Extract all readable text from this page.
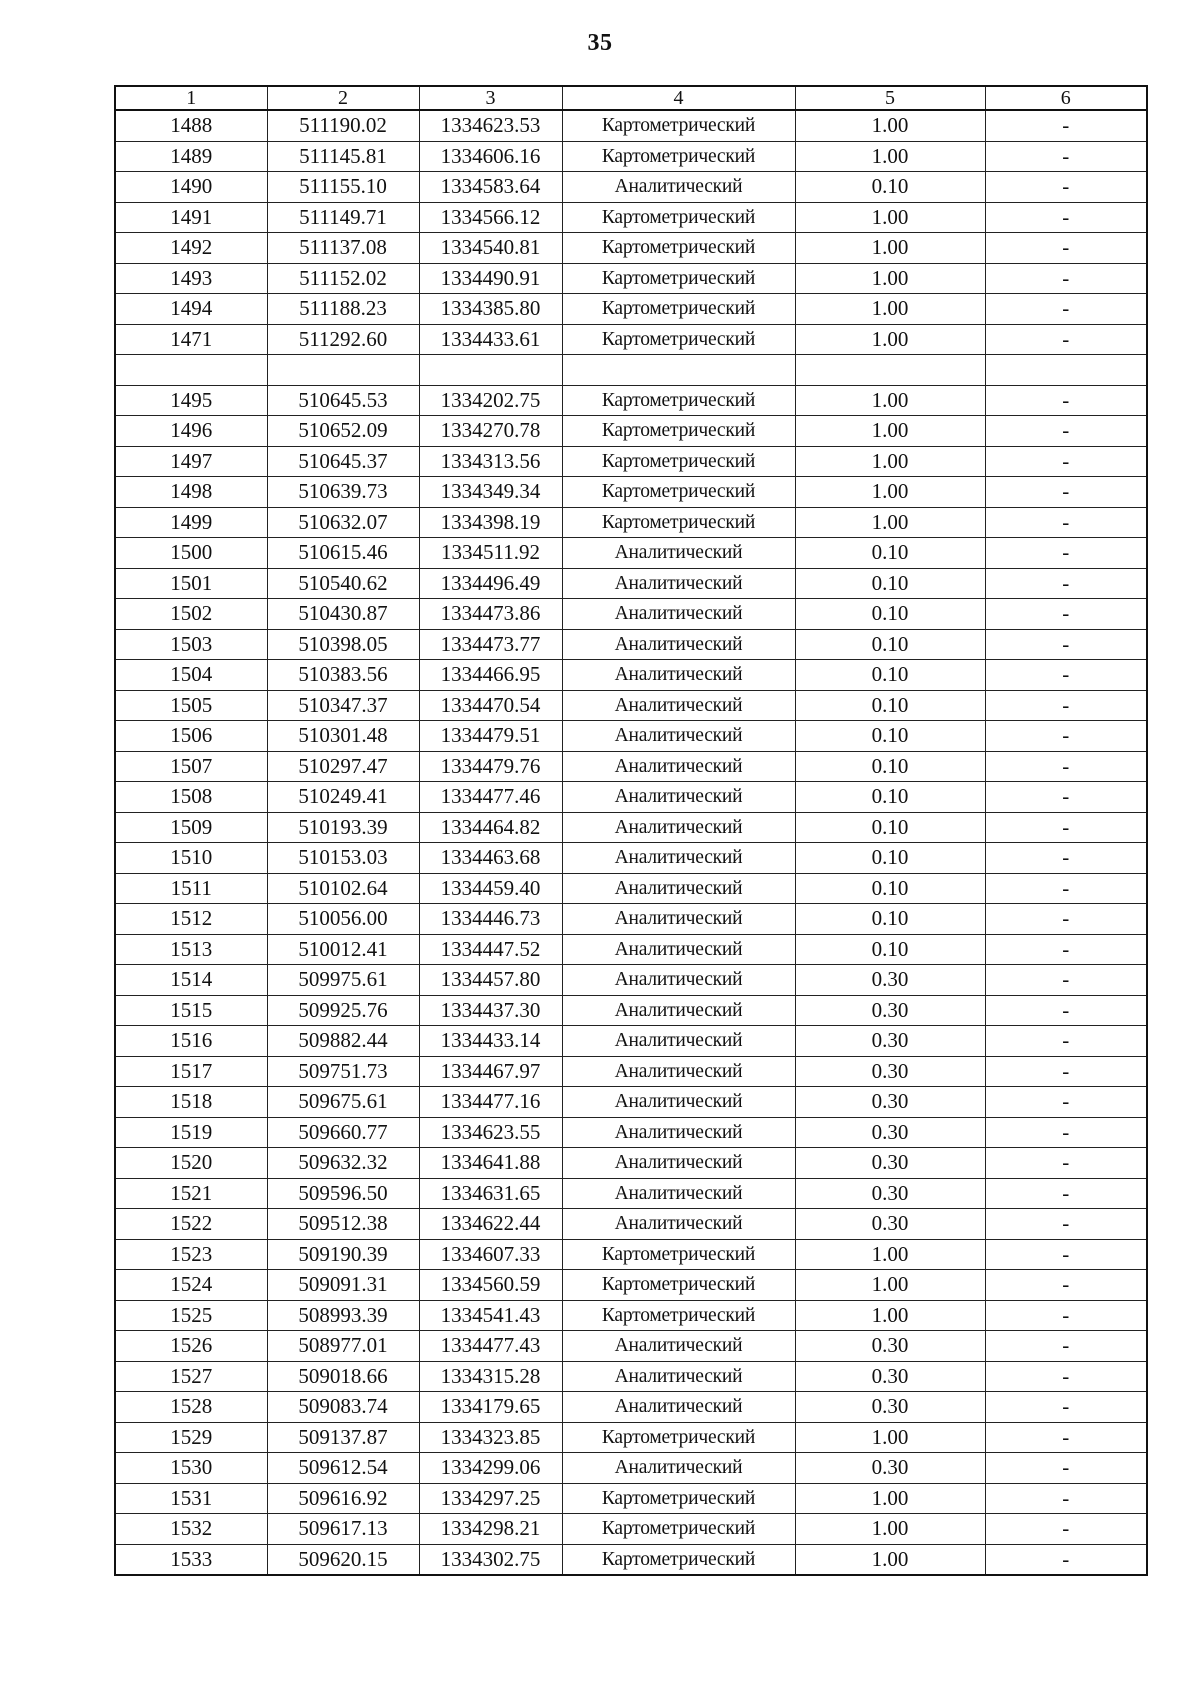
35
1	2	3	4	5	6
1488	511190.02	1334623.53	Картометрический	1.00	-
1489	511145.81	1334606.16	Картометрический	1.00	-
1490	511155.10	1334583.64	Аналитический	0.10	-
1491	511149.71	1334566.12	Картометрический	1.00	-
1492	511137.08	1334540.81	Картометрический	1.00	-
1493	511152.02	1334490.91	Картометрический	1.00	-
1494	511188.23	1334385.80	Картометрический	1.00	-
1471	511292.60	1334433.61	Картометрический	1.00	-

1495	510645.53	1334202.75	Картометрический	1.00	-
1496	510652.09	1334270.78	Картометрический	1.00	-
1497	510645.37	1334313.56	Картометрический	1.00	-
1498	510639.73	1334349.34	Картометрический	1.00	-
1499	510632.07	1334398.19	Картометрический	1.00	-
1500	510615.46	1334511.92	Аналитический	0.10	-
1501	510540.62	1334496.49	Аналитический	0.10	-
1502	510430.87	1334473.86	Аналитический	0.10	-
1503	510398.05	1334473.77	Аналитический	0.10	-
1504	510383.56	1334466.95	Аналитический	0.10	-
1505	510347.37	1334470.54	Аналитический	0.10	-
1506	510301.48	1334479.51	Аналитический	0.10	-
1507	510297.47	1334479.76	Аналитический	0.10	-
1508	510249.41	1334477.46	Аналитический	0.10	-
1509	510193.39	1334464.82	Аналитический	0.10	-
1510	510153.03	1334463.68	Аналитический	0.10	-
1511	510102.64	1334459.40	Аналитический	0.10	-
1512	510056.00	1334446.73	Аналитический	0.10	-
1513	510012.41	1334447.52	Аналитический	0.10	-
1514	509975.61	1334457.80	Аналитический	0.30	-
1515	509925.76	1334437.30	Аналитический	0.30	-
1516	509882.44	1334433.14	Аналитический	0.30	-
1517	509751.73	1334467.97	Аналитический	0.30	-
1518	509675.61	1334477.16	Аналитический	0.30	-
1519	509660.77	1334623.55	Аналитический	0.30	-
1520	509632.32	1334641.88	Аналитический	0.30	-
1521	509596.50	1334631.65	Аналитический	0.30	-
1522	509512.38	1334622.44	Аналитический	0.30	-
1523	509190.39	1334607.33	Картометрический	1.00	-
1524	509091.31	1334560.59	Картометрический	1.00	-
1525	508993.39	1334541.43	Картометрический	1.00	-
1526	508977.01	1334477.43	Аналитический	0.30	-
1527	509018.66	1334315.28	Аналитический	0.30	-
1528	509083.74	1334179.65	Аналитический	0.30	-
1529	509137.87	1334323.85	Картометрический	1.00	-
1530	509612.54	1334299.06	Аналитический	0.30	-
1531	509616.92	1334297.25	Картометрический	1.00	-
1532	509617.13	1334298.21	Картометрический	1.00	-
1533	509620.15	1334302.75	Картометрический	1.00	-
